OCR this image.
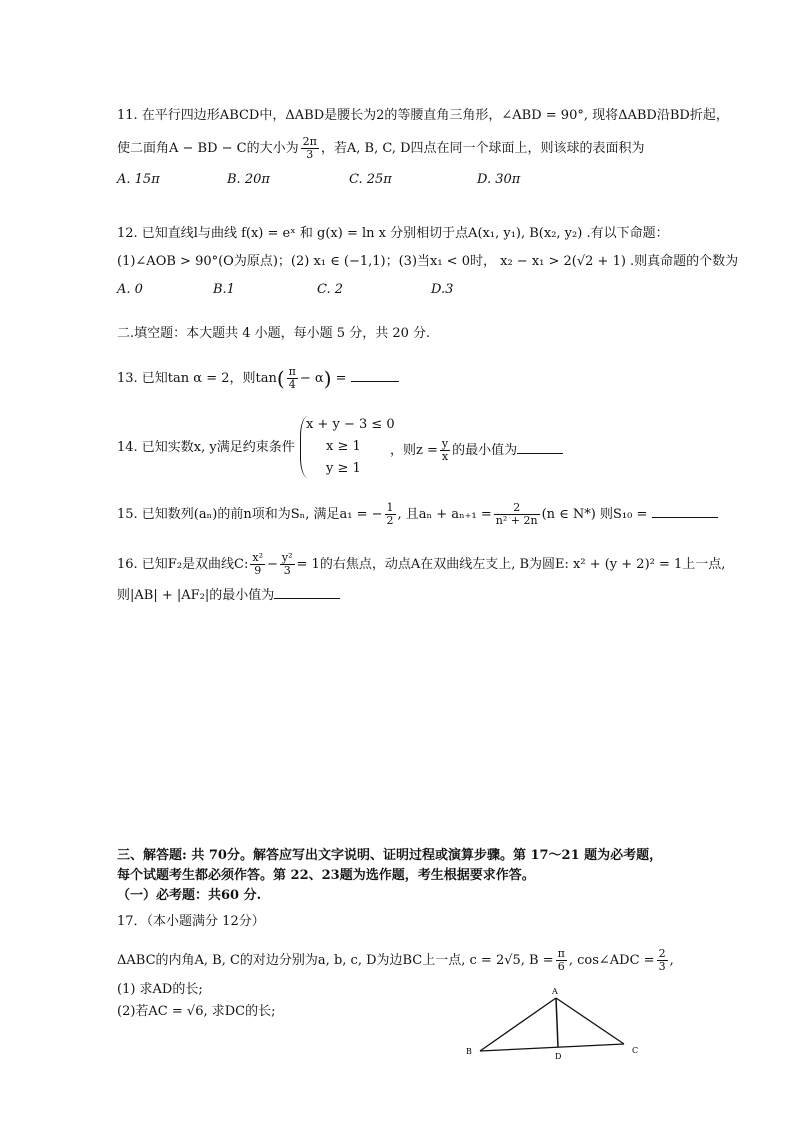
11. 在平行四边形ABCD中，ΔABD是腰长为2的等腰直角三角形，∠ABD = 90°, 现将ΔABD沿BD折起，
使二面角A − BD − C的大小为 $\frac{2\pi}{3}$ ，若A, B, C, D四点在同一个球面上，则该球的表面积为
A. 15π	B. 20π	C. 25π	D. 30π
12. 已知直线l与曲线 f(x) = eˣ 和 g(x) = ln x 分别相切于点A(x₁, y₁), B(x₂, y₂) .有以下命题：
(1)∠AOB > 90°(O为原点)；(2) x₁ ∈ (−1,1)；(3)当x₁ < 0时， x₂ − x₁ > 2(√2 + 1) .则真命题的个数为
A. 0	B.1	C. 2	D.3
二.填空题：本大题共 4 小题，每小题 5 分，共 20 分.
13. 已知tan α = 2，则$\tan( \frac{\pi}{4} - \alpha)$ =
14. 已知实数x, y满足约束条件
x + y − 3 ≤ 0
x ≥ 1
y ≥ 1
，则$z = \frac{y}{x}$ 的最小值为
15. 已知数列(aₙ)的前n项和为Sₙ, 满足a₁ = − $\frac{1}{2}$ , 且$a_n + a_{n+1} = \frac{2}{\text{n² + 2n}} (n$ ∈ N*) 则S₁₀ =
16. 已知F₂是双曲线C: $\frac{\text{x²}}{9} - \frac{\text{y²}}{3} = 1$的右焦点，动点A在双曲线左支上, B为圆E: x² + (y + 2)² = 1上一点,
则|AB| + |AF₂|的最小值为
三、解答题: 共 70分。解答应写出文字说明、证明过程或演算步骤。第 17～21 题为必考题，
每个试题考生都必须作答。第 22、23题为选作题，考生根据要求作答。
（一）必考题：共60 分.
17．（本小题满分 12分）
ΔABC的内角A, B, C的对边分别为a, b, c, D为边BC上一点, c = 2√5, $B = \frac{\pi}{6}$ , cos∠ADC = $\frac{2}{3}$ ,
(1) 求AD的长;
(2)若AC = √6, 求DC的长;
A
B	C
D
